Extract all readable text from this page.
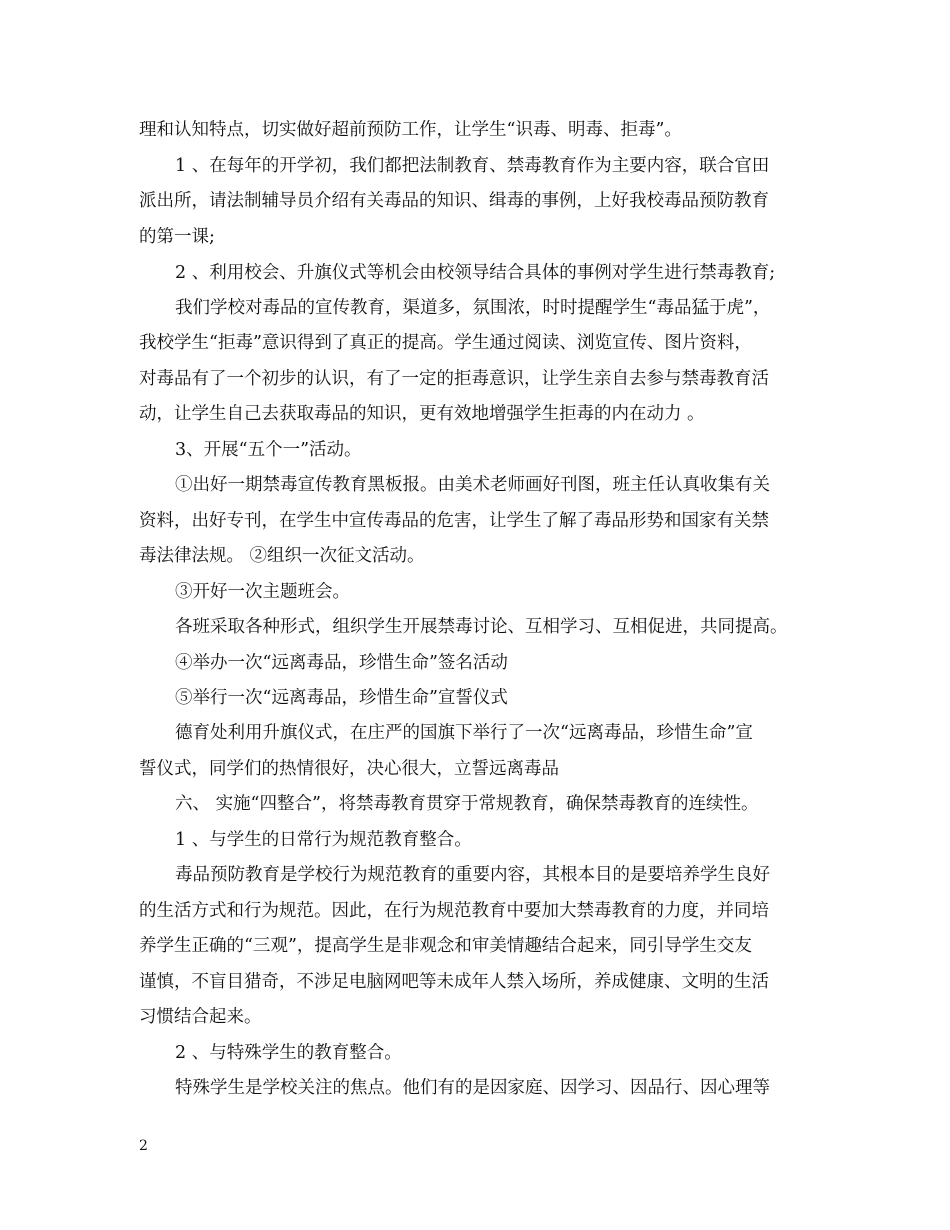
理和认知特点，切实做好超前预防工作，让学生“识毒、明毒、拒毒”。
1 、在每年的开学初，我们都把法制教育、禁毒教育作为主要内容，联合官田
派出所，请法制辅导员介绍有关毒品的知识、缉毒的事例，上好我校毒品预防教育
的第一课;
2 、利用校会、升旗仪式等机会由校领导结合具体的事例对学生进行禁毒教育;
我们学校对毒品的宣传教育，渠道多，氛围浓，时时提醒学生“毒品猛于虎”，
我校学生“拒毒”意识得到了真正的提高。学生通过阅读、浏览宣传、图片资料，
对毒品有了一个初步的认识，有了一定的拒毒意识，让学生亲自去参与禁毒教育活
动，让学生自己去获取毒品的知识，更有效地增强学生拒毒的内在动力 。
3、开展“五个一”活动。
①出好一期禁毒宣传教育黑板报。由美术老师画好刊图，班主任认真收集有关
资料，出好专刊，在学生中宣传毒品的危害，让学生了解了毒品形势和国家有关禁
毒法律法规。 ②组织一次征文活动。
③开好一次主题班会。
各班采取各种形式，组织学生开展禁毒讨论、互相学习、互相促进，共同提高。
④举办一次“远离毒品，珍惜生命”签名活动
⑤举行一次“远离毒品，珍惜生命”宣誓仪式
德育处利用升旗仪式，在庄严的国旗下举行了一次“远离毒品，珍惜生命”宣
誓仪式，同学们的热情很好，决心很大，立誓远离毒品
六、 实施“四整合”，将禁毒教育贯穿于常规教育，确保禁毒教育的连续性。
1 、与学生的日常行为规范教育整合。
毒品预防教育是学校行为规范教育的重要内容，其根本目的是要培养学生良好
的生活方式和行为规范。因此，在行为规范教育中要加大禁毒教育的力度，并同培
养学生正确的“三观”，提高学生是非观念和审美情趣结合起来，同引导学生交友
谨慎，不盲目猎奇，不涉足电脑网吧等未成年人禁入场所，养成健康、文明的生活
习惯结合起来。
2 、与特殊学生的教育整合。
特殊学生是学校关注的焦点。他们有的是因家庭、因学习、因品行、因心理等
2
